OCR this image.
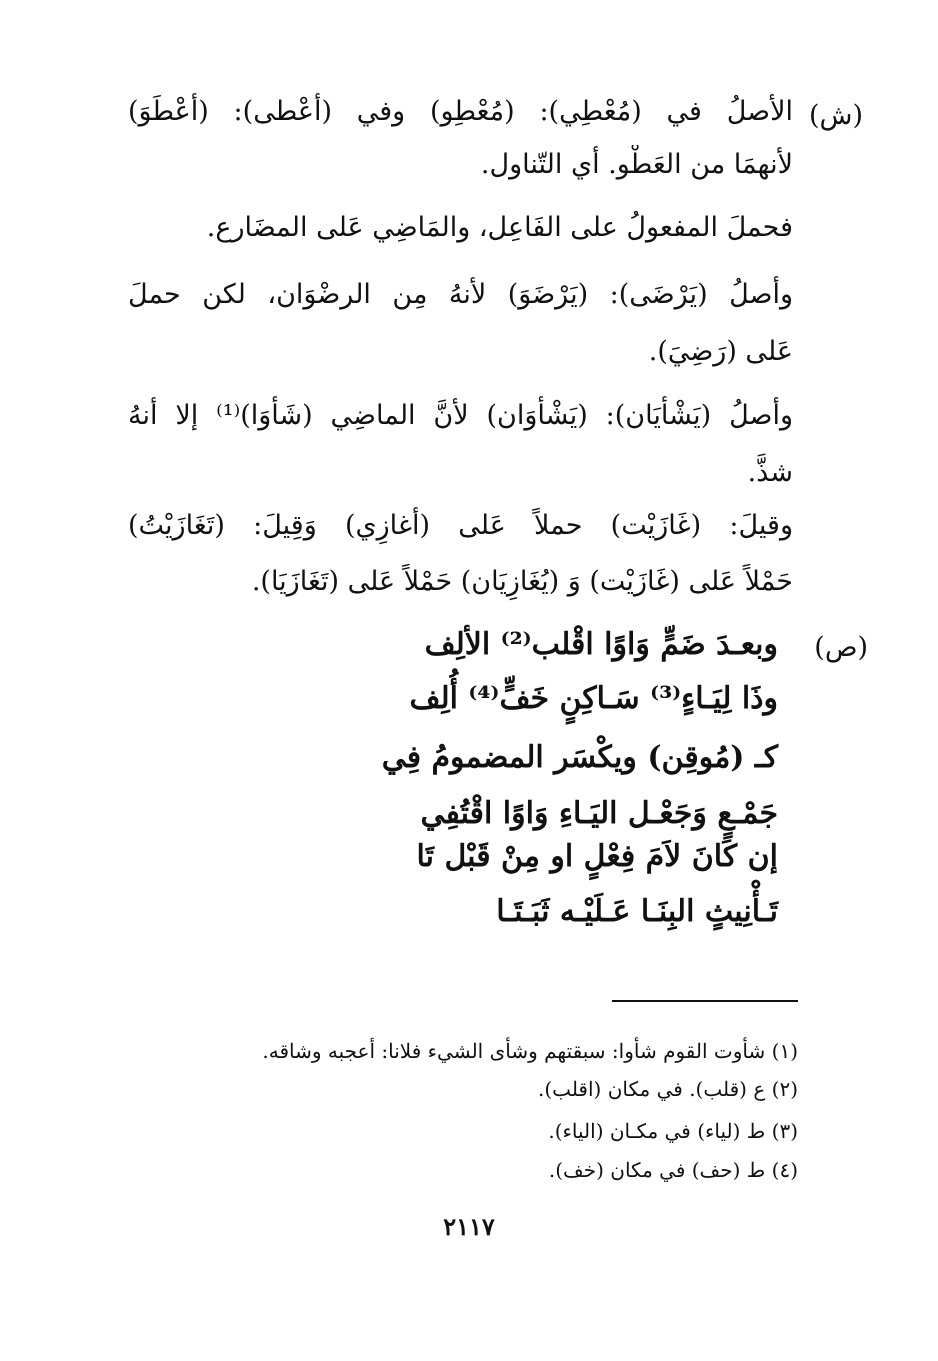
(ش)
الأصلُ في (مُعْطِي): (مُعْطِو) وفي (أعْطى): (أعْطَوَ)
لأنهمَا من العَطْو. أي التّناول.
فحملَ المفعولُ على الفَاعِل، والمَاضِي عَلى المضَارع.
وأصلُ (يَرْضَى): (يَرْضَوَ) لأنهُ مِن الرضْوَان، لكن حملَ
عَلى (رَضِيَ).
وأصلُ (يَشْأَيَان): (يَشْأَوَان) لأنَّ الماضِي (شَأَوَا)⁽¹⁾ إلا أنهُ
شذَّ.
وقيلَ: (غَازَيْت) حملاً عَلى (أغازِي) وَقِيلَ: (تَغَازَيْتُ)
حَمْلاً عَلى (غَازَيْت) وَ (يُغَازِيَان) حَمْلاً عَلى (تَغَازَيَا).
(ص)
وبعـدَ ضَمٍّ وَاوًا اقْلب⁽²⁾ الألِف
وذَا لِيَـاءٍ⁽³⁾ سَـاكِنٍ خَفٍّ⁽⁴⁾ أُلِف
كـ (مُوقِن) ويكْسَر المضمومُ فِي
جَمْـعٍ وَجَعْـل اليَـاءِ وَاوًا اقْتُفِي
إن كَانَ لاَمَ فِعْلٍ او مِنْ قَبْل تَا
تَـأْنِيثٍ البِنَـا عَـلَيْـه ثَبَـتَـا
(١) شأوت القوم شأوا: سبقتهم وشأى الشيء فلانا: أعجبه وشاقه.
(٢) ع (قلب). في مكان (اقلب).
(٣) ط (لياء) في مكـان (الياء).
(٤) ط (حف) في مكان (خف).
٢١١٧
